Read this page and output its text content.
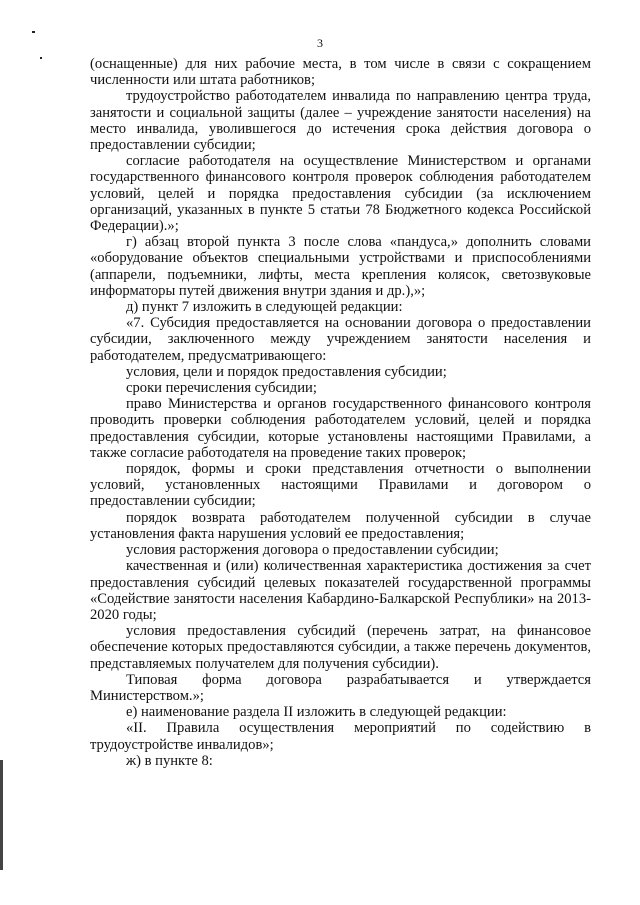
3

(оснащенные) для них рабочие места, в том числе в связи с сокращением численности или штата работников;

трудоустройство работодателем инвалида по направлению центра труда, занятости и социальной защиты (далее – учреждение занятости населения) на место инвалида, уволившегося до истечения срока действия договора о предоставлении субсидии;

согласие работодателя на осуществление Министерством и органами государственного финансового контроля проверок соблюдения работодателем условий, целей и порядка предоставления субсидии (за исключением организаций, указанных в пункте 5 статьи 78 Бюджетного кодекса Российской Федерации).»;

г) абзац второй пункта 3 после слова «пандуса,» дополнить словами «оборудование объектов специальными устройствами и приспособлениями (аппарели, подъемники, лифты, места крепления колясок, светозвуковые информаторы путей движения внутри здания и др.),»;

д) пункт 7 изложить в следующей редакции:

«7. Субсидия предоставляется на основании договора о предоставлении субсидии, заключенного между учреждением занятости населения и работодателем, предусматривающего:

условия, цели и порядок предоставления субсидии;

сроки перечисления субсидии;

право Министерства и органов государственного финансового контроля проводить проверки соблюдения работодателем условий, целей и порядка предоставления субсидии, которые установлены настоящими Правилами, а также согласие работодателя на проведение таких проверок;

порядок, формы и сроки представления отчетности о выполнении условий, установленных настоящими Правилами и договором о предоставлении субсидии;

порядок возврата работодателем полученной субсидии в случае установления факта нарушения условий ее предоставления;

условия расторжения договора о предоставлении субсидии;

качественная и (или) количественная характеристика достижения за счет предоставления субсидий целевых показателей государственной программы «Содействие занятости населения Кабардино-Балкарской Республики» на 2013-2020 годы;

условия предоставления субсидий (перечень затрат, на финансовое обеспечение которых предоставляются субсидии, а также перечень документов, представляемых получателем для получения субсидии).

Типовая форма договора разрабатывается и утверждается Министерством.»;

е) наименование раздела II изложить в следующей редакции:

«II. Правила осуществления мероприятий по содействию в трудоустройстве инвалидов»;

ж) в пункте 8:
